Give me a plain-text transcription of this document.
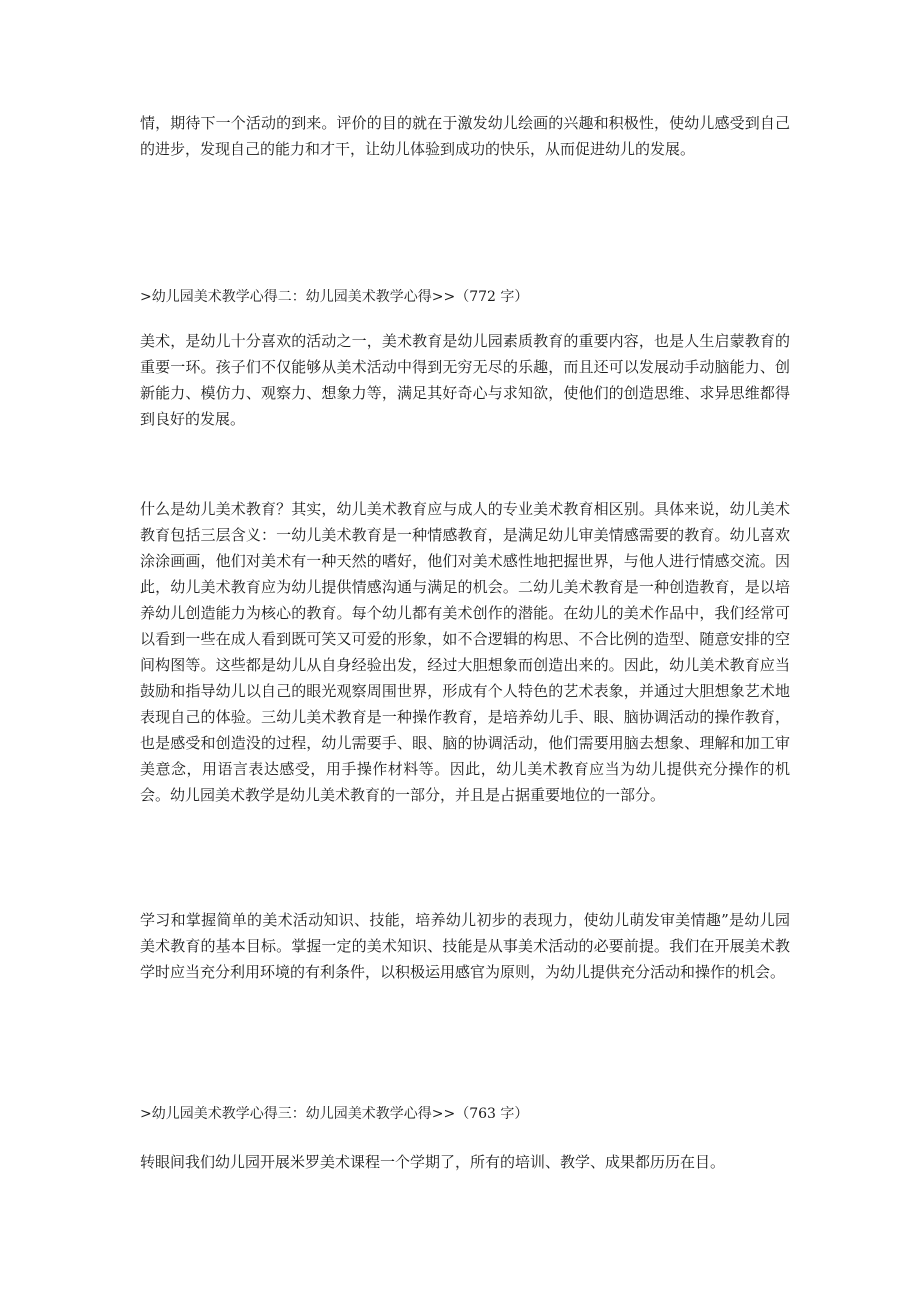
情，期待下一个活动的到来。评价的目的就在于激发幼儿绘画的兴趣和积极性，使幼儿感受到自己的进步，发现自己的能力和才干，让幼儿体验到成功的快乐，从而促进幼儿的发展。

>幼儿园美术教学心得二：幼儿园美术教学心得>>（772 字）

美术，是幼儿十分喜欢的活动之一，美术教育是幼儿园素质教育的重要内容，也是人生启蒙教育的重要一环。孩子们不仅能够从美术活动中得到无穷无尽的乐趣，而且还可以发展动手动脑能力、创新能力、模仿力、观察力、想象力等，满足其好奇心与求知欲，使他们的创造思维、求异思维都得到良好的发展。

什么是幼儿美术教育？其实，幼儿美术教育应与成人的专业美术教育相区别。具体来说，幼儿美术教育包括三层含义：一幼儿美术教育是一种情感教育，是满足幼儿审美情感需要的教育。幼儿喜欢涂涂画画，他们对美术有一种天然的嗜好，他们对美术感性地把握世界，与他人进行情感交流。因此，幼儿美术教育应为幼儿提供情感沟通与满足的机会。二幼儿美术教育是一种创造教育，是以培养幼儿创造能力为核心的教育。每个幼儿都有美术创作的潜能。在幼儿的美术作品中，我们经常可以看到一些在成人看到既可笑又可爱的形象，如不合逻辑的构思、不合比例的造型、随意安排的空间构图等。这些都是幼儿从自身经验出发，经过大胆想象而创造出来的。因此，幼儿美术教育应当鼓励和指导幼儿以自己的眼光观察周围世界，形成有个人特色的艺术表象，并通过大胆想象艺术地表现自己的体验。三幼儿美术教育是一种操作教育，是培养幼儿手、眼、脑协调活动的操作教育，也是感受和创造没的过程，幼儿需要手、眼、脑的协调活动，他们需要用脑去想象、理解和加工审美意念，用语言表达感受，用手操作材料等。因此，幼儿美术教育应当为幼儿提供充分操作的机会。幼儿园美术教学是幼儿美术教育的一部分，并且是占据重要地位的一部分。

学习和掌握简单的美术活动知识、技能，培养幼儿初步的表现力，使幼儿萌发审美情趣”是幼儿园美术教育的基本目标。掌握一定的美术知识、技能是从事美术活动的必要前提。我们在开展美术教学时应当充分利用环境的有利条件，以积极运用感官为原则，为幼儿提供充分活动和操作的机会。

>幼儿园美术教学心得三：幼儿园美术教学心得>>（763 字）

转眼间我们幼儿园开展米罗美术课程一个学期了，所有的培训、教学、成果都历历在目。
